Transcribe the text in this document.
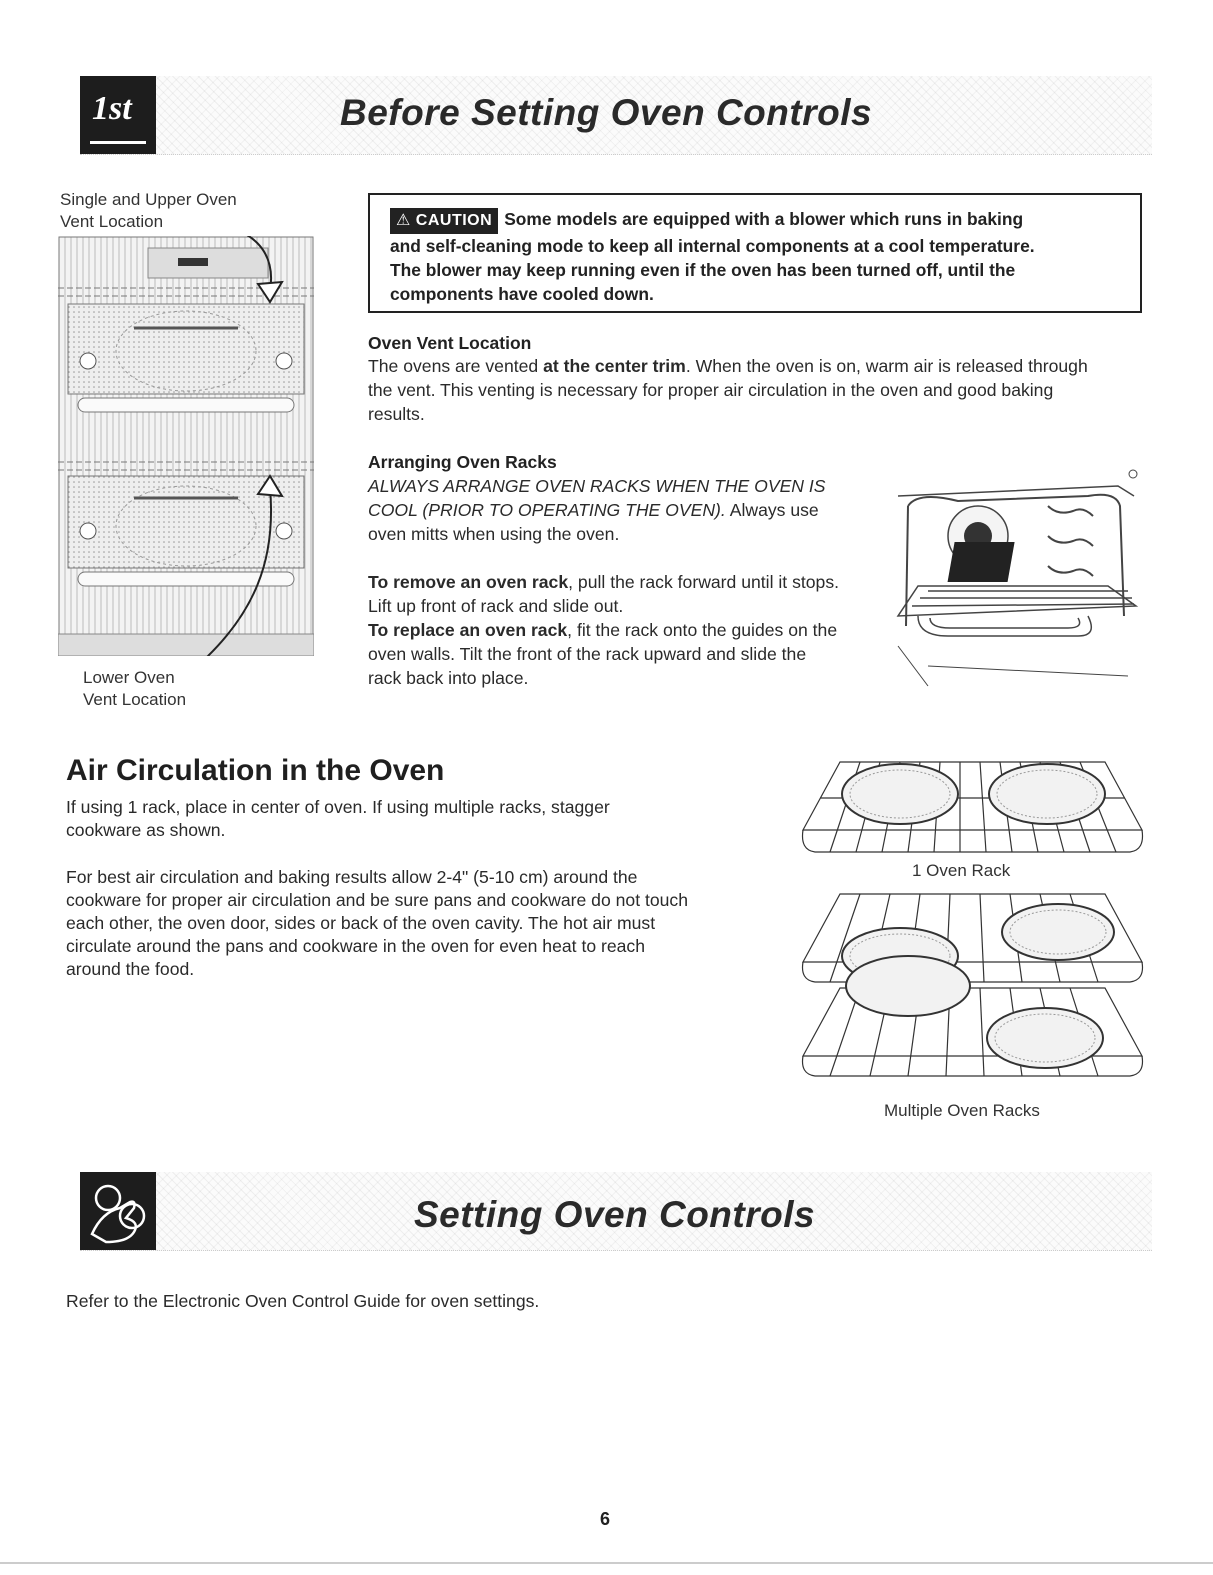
1st	Before Setting Oven Controls
Single and Upper Oven
Vent Location
Lower Oven
Vent Location
⚠ CAUTION Some models are equipped with a blower which runs in baking
and self-cleaning mode to keep all internal components at a cool temperature.
The blower may keep running even if the oven has been turned off, until the
components have cooled down.
Oven Vent Location
The ovens are vented at the center trim. When the oven is on, warm air is released through
the vent. This venting is necessary for proper air circulation in the oven and good baking
results.
Arranging Oven Racks
ALWAYS ARRANGE OVEN RACKS WHEN THE OVEN IS
COOL (PRIOR TO OPERATING THE OVEN). Always use
oven mitts when using the oven.
To remove an oven rack, pull the rack forward until it stops.
Lift up front of rack and slide out.
To replace an oven rack, fit the rack onto the guides on the
oven walls. Tilt the front of the rack upward and slide the
rack back into place.
Air Circulation in the Oven
If using 1 rack, place in center of oven. If using multiple racks, stagger
cookware as shown.
For best air circulation and baking results allow 2-4" (5-10 cm) around the
cookware for proper air circulation and be sure pans and cookware do not touch
each other, the oven door, sides or back of the oven cavity. The hot air must
circulate around the pans and cookware in the oven for even heat to reach
around the food.
1 Oven Rack
Multiple Oven Racks
Setting Oven Controls
Refer to the Electronic Oven Control Guide for oven settings.
6
